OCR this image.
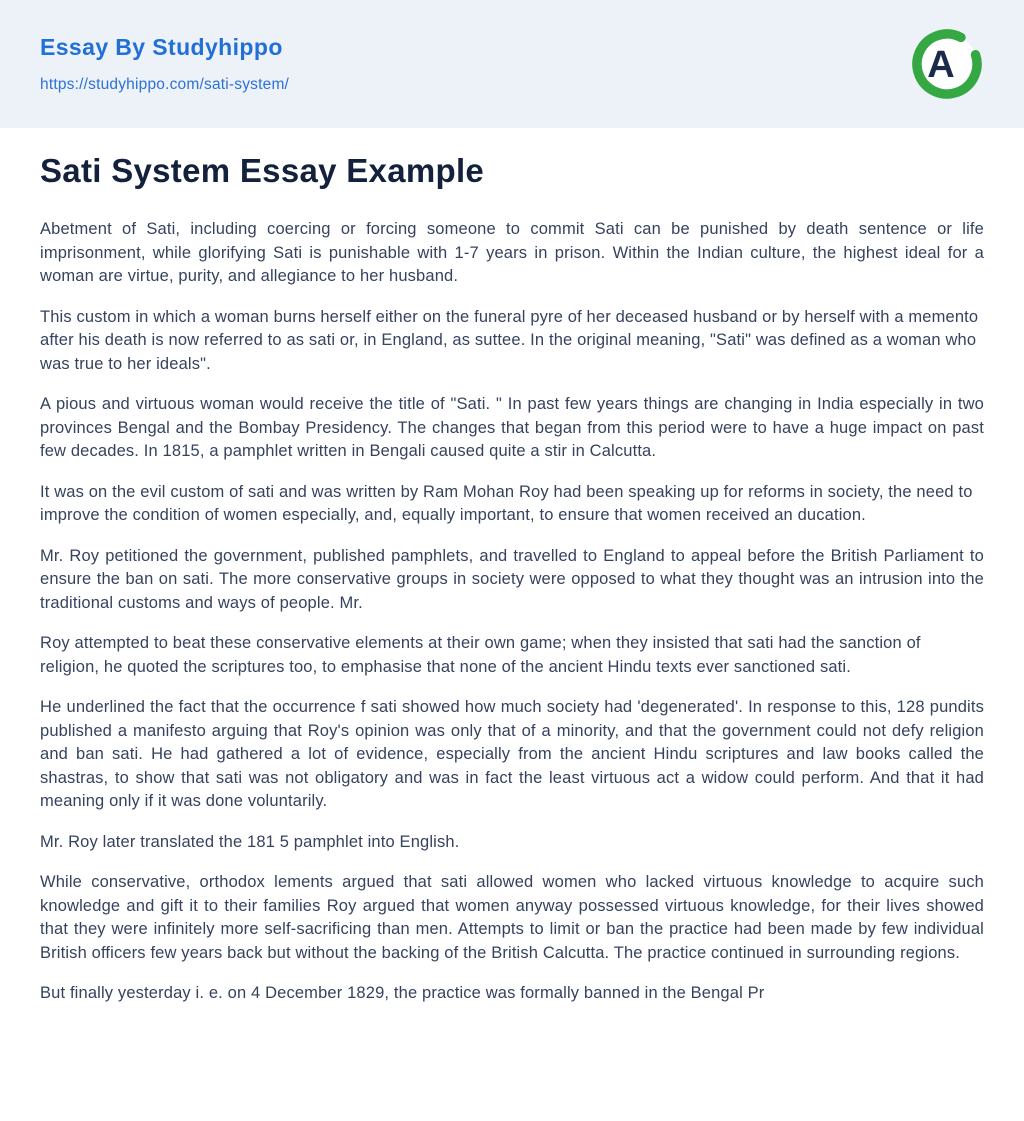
Essay By Studyhippo
https://studyhippo.com/sati-system/	A
Sati System Essay Example

Abetment of Sati, including coercing or forcing someone to commit Sati can be punished by death sentence or life imprisonment, while glorifying Sati is punishable with 1-7 years in prison. Within the Indian culture, the highest ideal for a woman are virtue, purity, and allegiance to her husband.

This custom in which a woman burns herself either on the funeral pyre of her deceased husband or by herself with a memento after his death is now referred to as sati or, in England, as suttee. In the original meaning, "Sati" was defined as a woman who was true to her ideals".

A pious and virtuous woman would receive the title of "Sati. " In past few years things are changing in India especially in two provinces Bengal and the Bombay Presidency. The changes that began from this period were to have a huge impact on past few decades. In 1815, a pamphlet written in Bengali caused quite a stir in Calcutta.

It was on the evil custom of sati and was written by Ram Mohan Roy had been speaking up for reforms in society, the need to improve the condition of women especially, and, equally important, to ensure that women received an ducation.

Mr. Roy petitioned the government, published pamphlets, and travelled to England to appeal before the British Parliament to ensure the ban on sati. The more conservative groups in society were opposed to what they thought was an intrusion into the traditional customs and ways of people. Mr.

Roy attempted to beat these conservative elements at their own game; when they insisted that sati had the sanction of religion, he quoted the scriptures too, to emphasise that none of the ancient Hindu texts ever sanctioned sati.

He underlined the fact that the occurrence f sati showed how much society had 'degenerated'. In response to this, 128 pundits published a manifesto arguing that Roy's opinion was only that of a minority, and that the government could not defy religion and ban sati. He had gathered a lot of evidence, especially from the ancient Hindu scriptures and law books called the shastras, to show that sati was not obligatory and was in fact the least virtuous act a widow could perform. And that it had meaning only if it was done voluntarily.

Mr. Roy later translated the 181 5 pamphlet into English.

While conservative, orthodox lements argued that sati allowed women who lacked virtuous knowledge to acquire such knowledge and gift it to their families Roy argued that women anyway possessed virtuous knowledge, for their lives showed that they were infinitely more self-sacrificing than men. Attempts to limit or ban the practice had been made by few individual British officers few years back but without the backing of the British Calcutta. The practice continued in surrounding regions.

But finally yesterday i. e. on 4 December 1829, the practice was formally banned in the Bengal Pr
